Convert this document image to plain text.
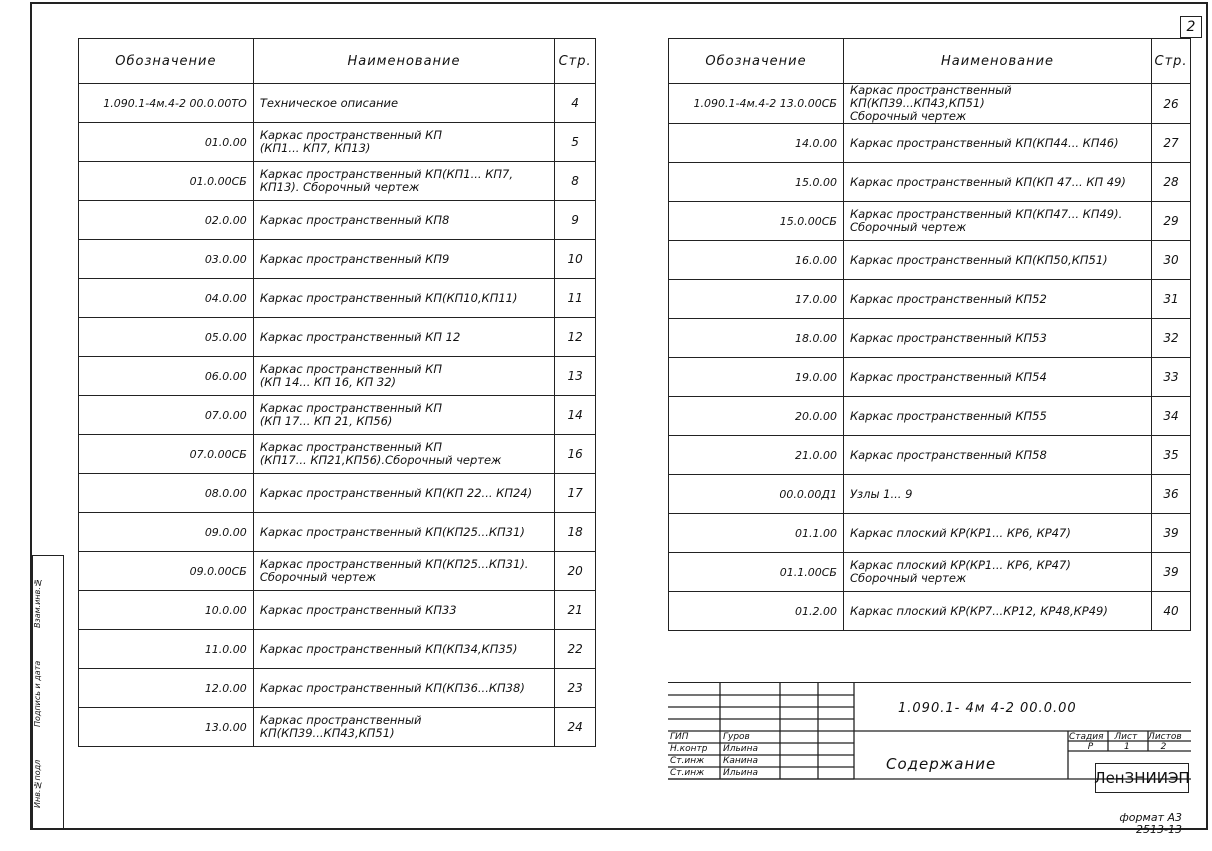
2
Инв.№подл
Подпись и дата
Взам.инв.№
Обозначение	Наименование	Стр.
1.090.1-4м.4-2 00.0.00ТО	Техническое описание	4
01.0.00	Каркас пространственный КП
(КП1... КП7, КП13)	5
01.0.00СБ	Каркас пространственный КП(КП1... КП7,
КП13). Сборочный чертеж	8
02.0.00	Каркас пространственный КП8	9
03.0.00	Каркас пространственный КП9	10
04.0.00	Каркас пространственный КП(КП10,КП11)	11
05.0.00	Каркас пространственный КП 12	12
06.0.00	Каркас пространственный КП
(КП 14... КП 16, КП 32)	13
07.0.00	Каркас пространственный КП
(КП 17... КП 21, КП56)	14
07.0.00СБ	Каркас пространственный КП
(КП17... КП21,КП56).Сборочный чертеж	16
08.0.00	Каркас пространственный КП(КП 22... КП24)	17
09.0.00	Каркас пространственный КП(КП25...КП31)	18
09.0.00СБ	Каркас пространственный КП(КП25...КП31).
Сборочный чертеж	20
10.0.00	Каркас пространственный КП33	21
11.0.00	Каркас пространственный КП(КП34,КП35)	22
12.0.00	Каркас пространственный КП(КП36...КП38)	23
13.0.00	Каркас пространственный КП(КП39...КП43,КП51)	24
Обозначение	Наименование	Стр.
1.090.1-4м.4-2 13.0.00СБ	Каркас пространственный КП(КП39...КП43,КП51)
Сборочный чертеж	26
14.0.00	Каркас пространственный КП(КП44... КП46)	27
15.0.00	Каркас пространственный КП(КП 47... КП 49)	28
15.0.00СБ	Каркас пространственный КП(КП47... КП49).
Сборочный чертеж	29
16.0.00	Каркас пространственный КП(КП50,КП51)	30
17.0.00	Каркас пространственный КП52	31
18.0.00	Каркас пространственный КП53	32
19.0.00	Каркас пространственный КП54	33
20.0.00	Каркас пространственный КП55	34
21.0.00	Каркас пространственный КП58	35
00.0.00Д1	Узлы 1... 9	36
01.1.00	Каркас плоский КР(КР1... КР6, КР47)	39
01.1.00СБ	Каркас плоский КР(КР1... КР6, КР47)
Сборочный чертеж	39
01.2.00	Каркас плоский КР(КР7...КР12, КР48,КР49)	40
1.090.1- 4м 4-2 00.0.00
ГИП	Гуров
Н.контр Ильина
Ст.инж Канина
Ст.инж Ильина	Содержание
Стадия Лист Листов
Р 1 2
ЛенЗНИИЭП
формат А3
2513-13
